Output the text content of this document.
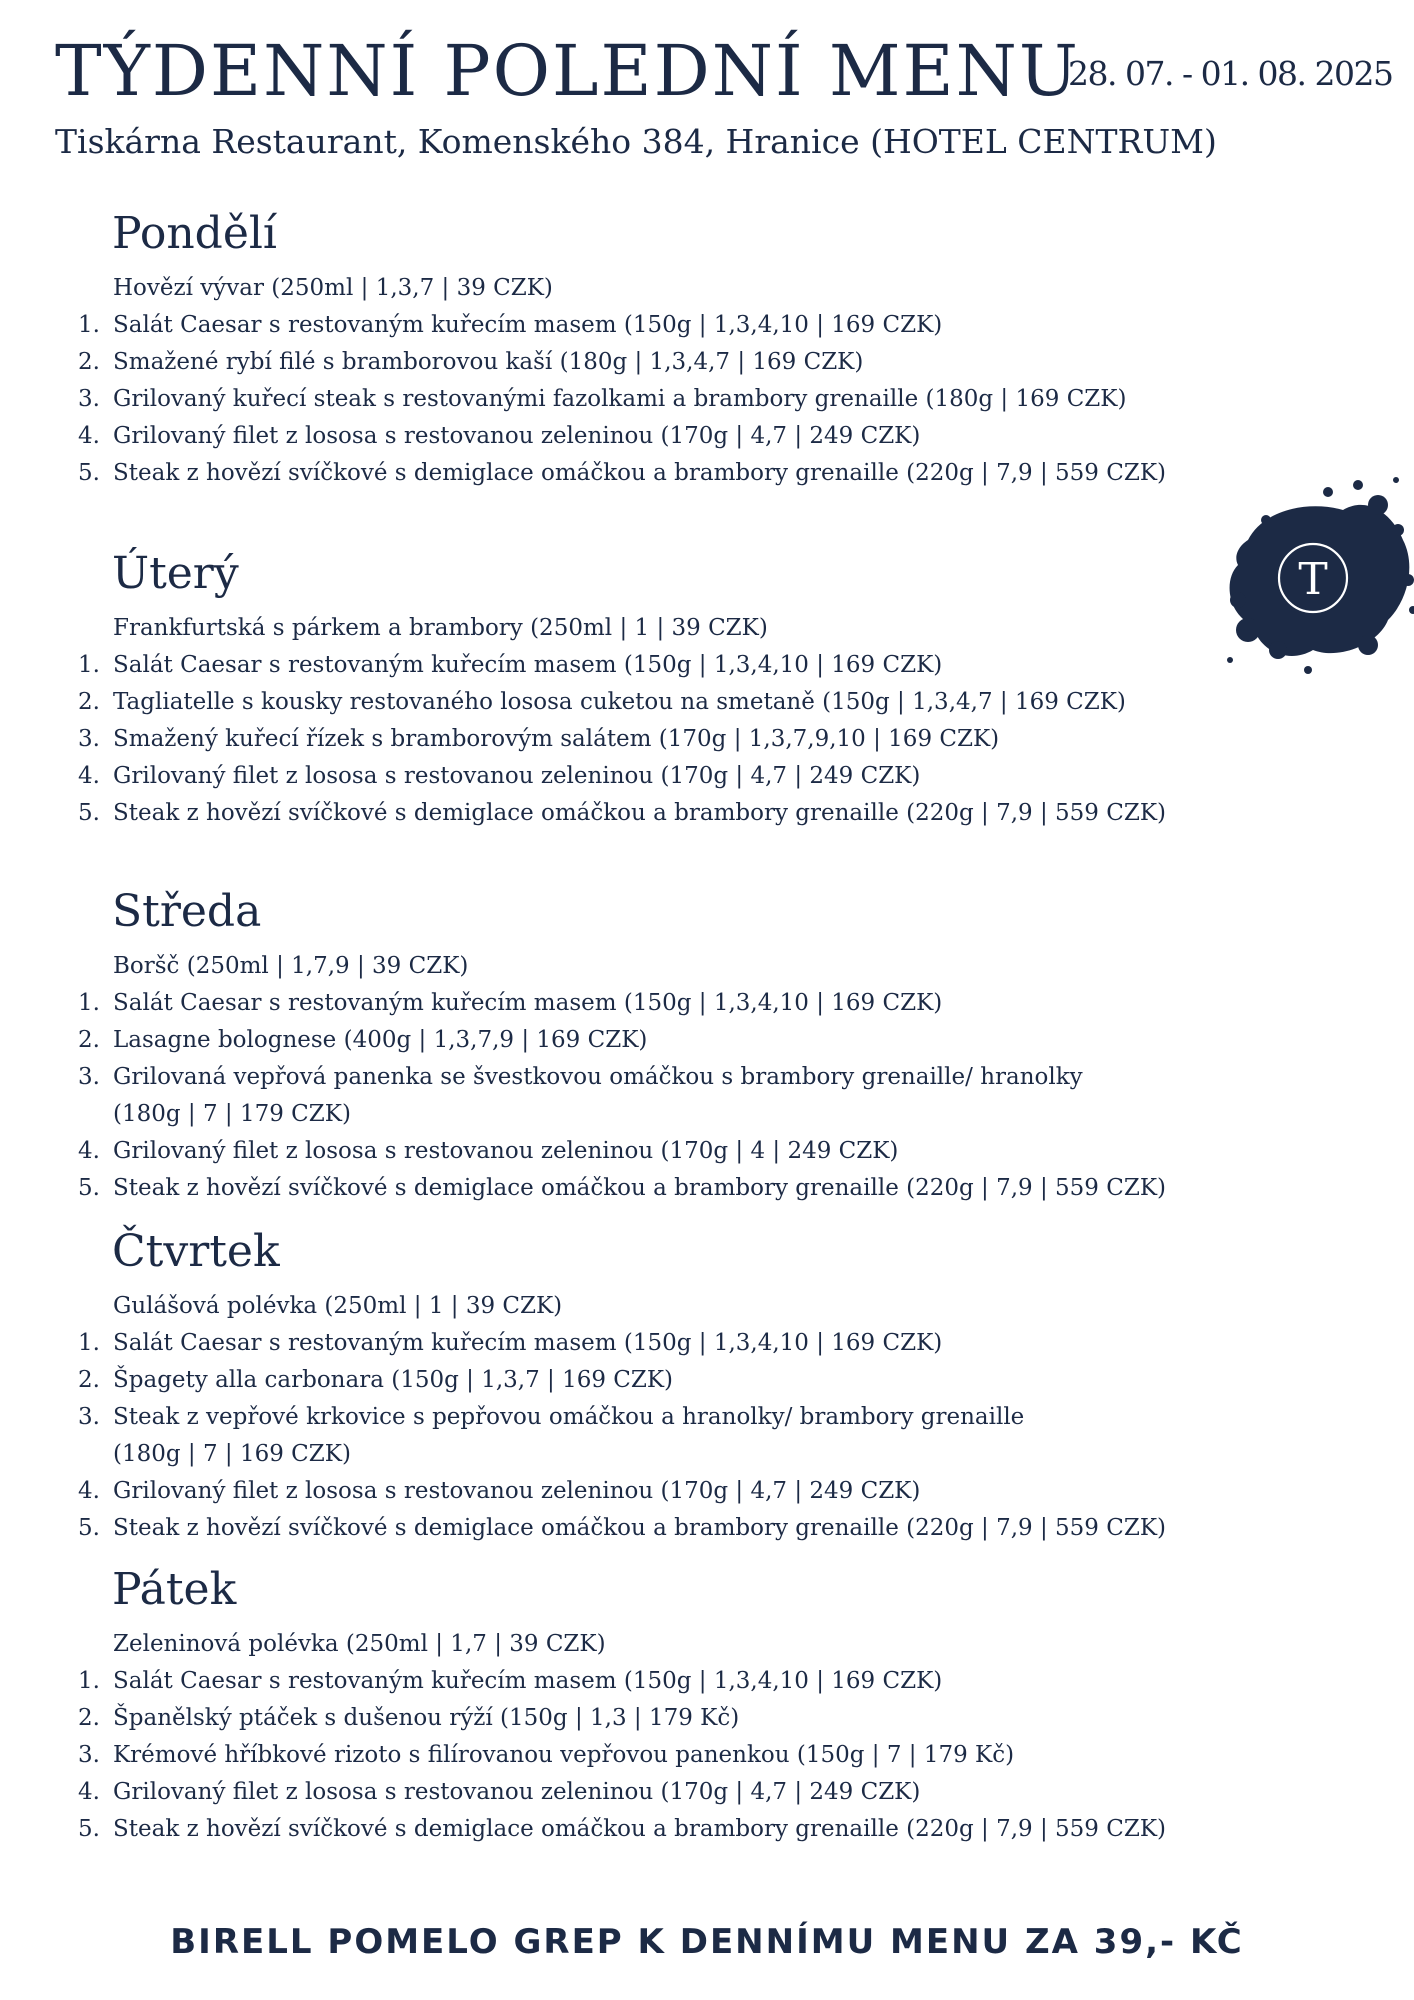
TÝDENNÍ POLEDNÍ MENU
28. 07. - 01. 08. 2025

Tiskárna Restaurant, Komenského 384, Hranice (HOTEL CENTRUM)

Pondělí
Hovězí vývar (250ml | 1,3,7 | 39 CZK)
1. Salát Caesar s restovaným kuřecím masem (150g | 1,3,4,10 | 169 CZK)
2. Smažené rybí filé s bramborovou kaší (180g | 1,3,4,7 | 169 CZK)
3. Grilovaný kuřecí steak s restovanými fazolkami a brambory grenaille (180g | 169 CZK)
4. Grilovaný filet z lososa s restovanou zeleninou (170g | 4,7 | 249 CZK)
5. Steak z hovězí svíčkové s demiglace omáčkou a brambory grenaille (220g | 7,9 | 559 CZK)
Úterý
Frankfurtská s párkem a brambory (250ml | 1 | 39 CZK)
1. Salát Caesar s restovaným kuřecím masem (150g | 1,3,4,10 | 169 CZK)
2. Tagliatelle s kousky restovaného lososa cuketou na smetaně (150g | 1,3,4,7 | 169 CZK)
3. Smažený kuřecí řízek s bramborovým salátem (170g | 1,3,7,9,10 | 169 CZK)
4. Grilovaný filet z lososa s restovanou zeleninou (170g | 4,7 | 249 CZK)
5. Steak z hovězí svíčkové s demiglace omáčkou a brambory grenaille (220g | 7,9 | 559 CZK)
Středa
Boršč (250ml | 1,7,9 | 39 CZK)
1. Salát Caesar s restovaným kuřecím masem (150g | 1,3,4,10 | 169 CZK)
2. Lasagne bolognese (400g | 1,3,7,9 | 169 CZK)
3. Grilovaná vepřová panenka se švestkovou omáčkou s brambory grenaille/ hranolky
(180g | 7 | 179 CZK)
4. Grilovaný filet z lososa s restovanou zeleninou (170g | 4 | 249 CZK)
5. Steak z hovězí svíčkové s demiglace omáčkou a brambory grenaille (220g | 7,9 | 559 CZK)
Čtvrtek
Gulášová polévka (250ml | 1 | 39 CZK)
1. Salát Caesar s restovaným kuřecím masem (150g | 1,3,4,10 | 169 CZK)
2. Špagety alla carbonara (150g | 1,3,7 | 169 CZK)
3. Steak z vepřové krkovice s pepřovou omáčkou a hranolky/ brambory grenaille
(180g | 7 | 169 CZK)
4. Grilovaný filet z lososa s restovanou zeleninou (170g | 4,7 | 249 CZK)
5. Steak z hovězí svíčkové s demiglace omáčkou a brambory grenaille (220g | 7,9 | 559 CZK)
Pátek
Zeleninová polévka (250ml | 1,7 | 39 CZK)
1. Salát Caesar s restovaným kuřecím masem (150g | 1,3,4,10 | 169 CZK)
2. Španělský ptáček s dušenou rýží (150g | 1,3 | 179 Kč)
3. Krémové hříbkové rizoto s filírovanou vepřovou panenkou (150g | 7 | 179 Kč)
4. Grilovaný filet z lososa s restovanou zeleninou (170g | 4,7 | 249 CZK)
5. Steak z hovězí svíčkové s demiglace omáčkou a brambory grenaille (220g | 7,9 | 559 CZK)
T
BIRELL POMELO GREP K DENNÍMU MENU ZA 39,- KČ
